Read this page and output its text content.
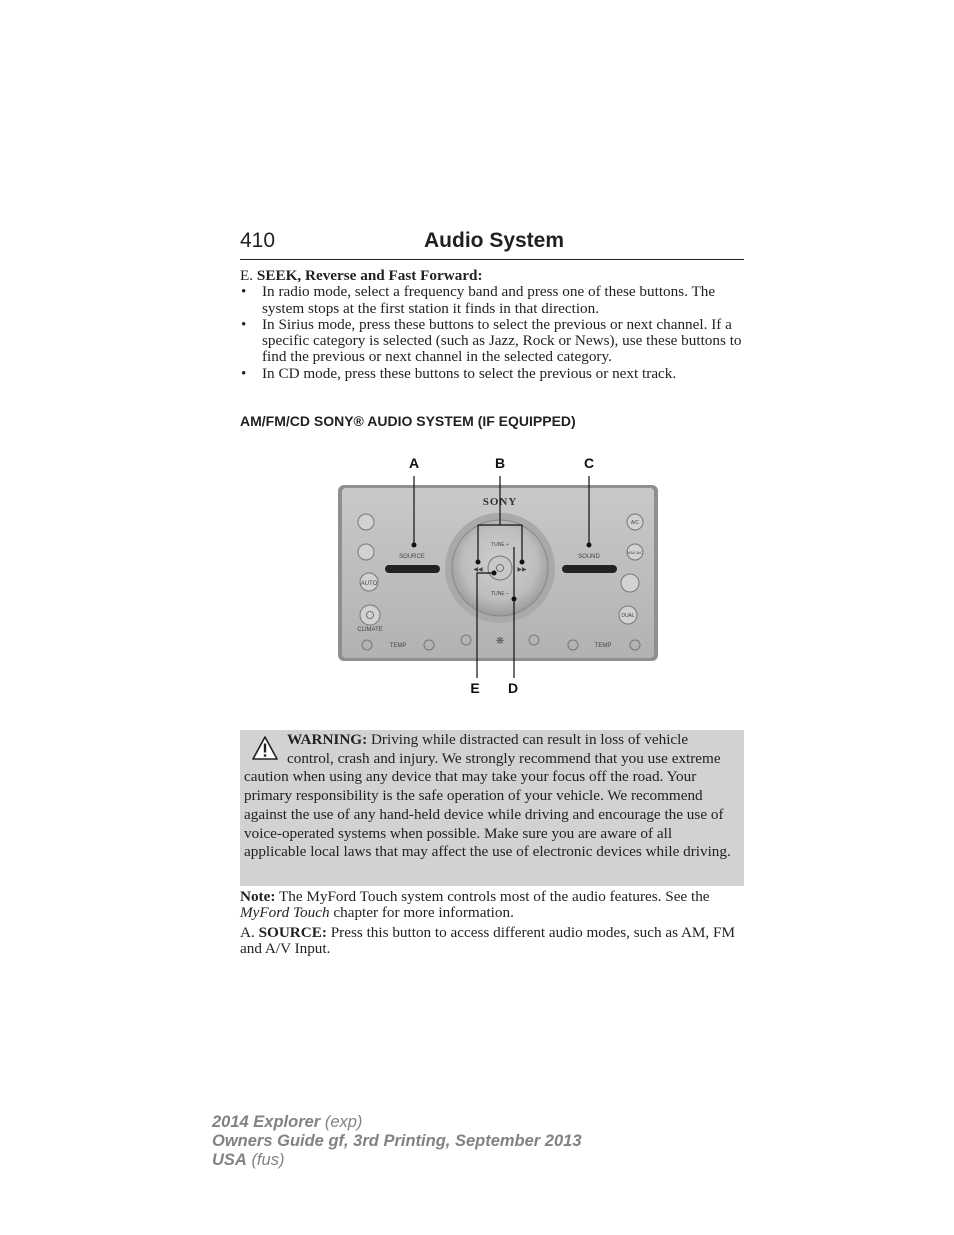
410	Audio System
E. SEEK, Reverse and Fast Forward:
• In radio mode, select a frequency band and press one of these buttons. The system stops at the first station it finds in that direction.
• In Sirius mode, press these buttons to select the previous or next channel. If a specific category is selected (such as Jazz, Rock or News), use these buttons to find the previous or next channel in the selected category.
• In CD mode, press these buttons to select the previous or next track.
AM/FM/CD SONY® AUDIO SYSTEM (IF EQUIPPED)
AUTO
CLIMATE
A/C
MAX A/C
DUAL
SOURCE	SOUND
SONY
TUNE +
TUNE –
◀◀	▶▶
TEMP	TEMP
❋
A	B	C
E D
WARNING: Driving while distracted can result in loss of vehicle
control, crash and injury. We strongly recommend that you use extreme caution when using any device that may take your focus off the road. Your primary responsibility is the safe operation of your vehicle. We recommend against the use of any hand-held device while driving and encourage the use of voice-operated systems when possible. Make sure you are aware of all applicable local laws that may affect the use of electronic devices while driving.
Note: The MyFord Touch system controls most of the audio features. See the MyFord Touch chapter for more information.
A. SOURCE: Press this button to access different audio modes, such as AM, FM and A/V Input.
2014 Explorer (exp)
Owners Guide gf, 3rd Printing, September 2013
USA (fus)
